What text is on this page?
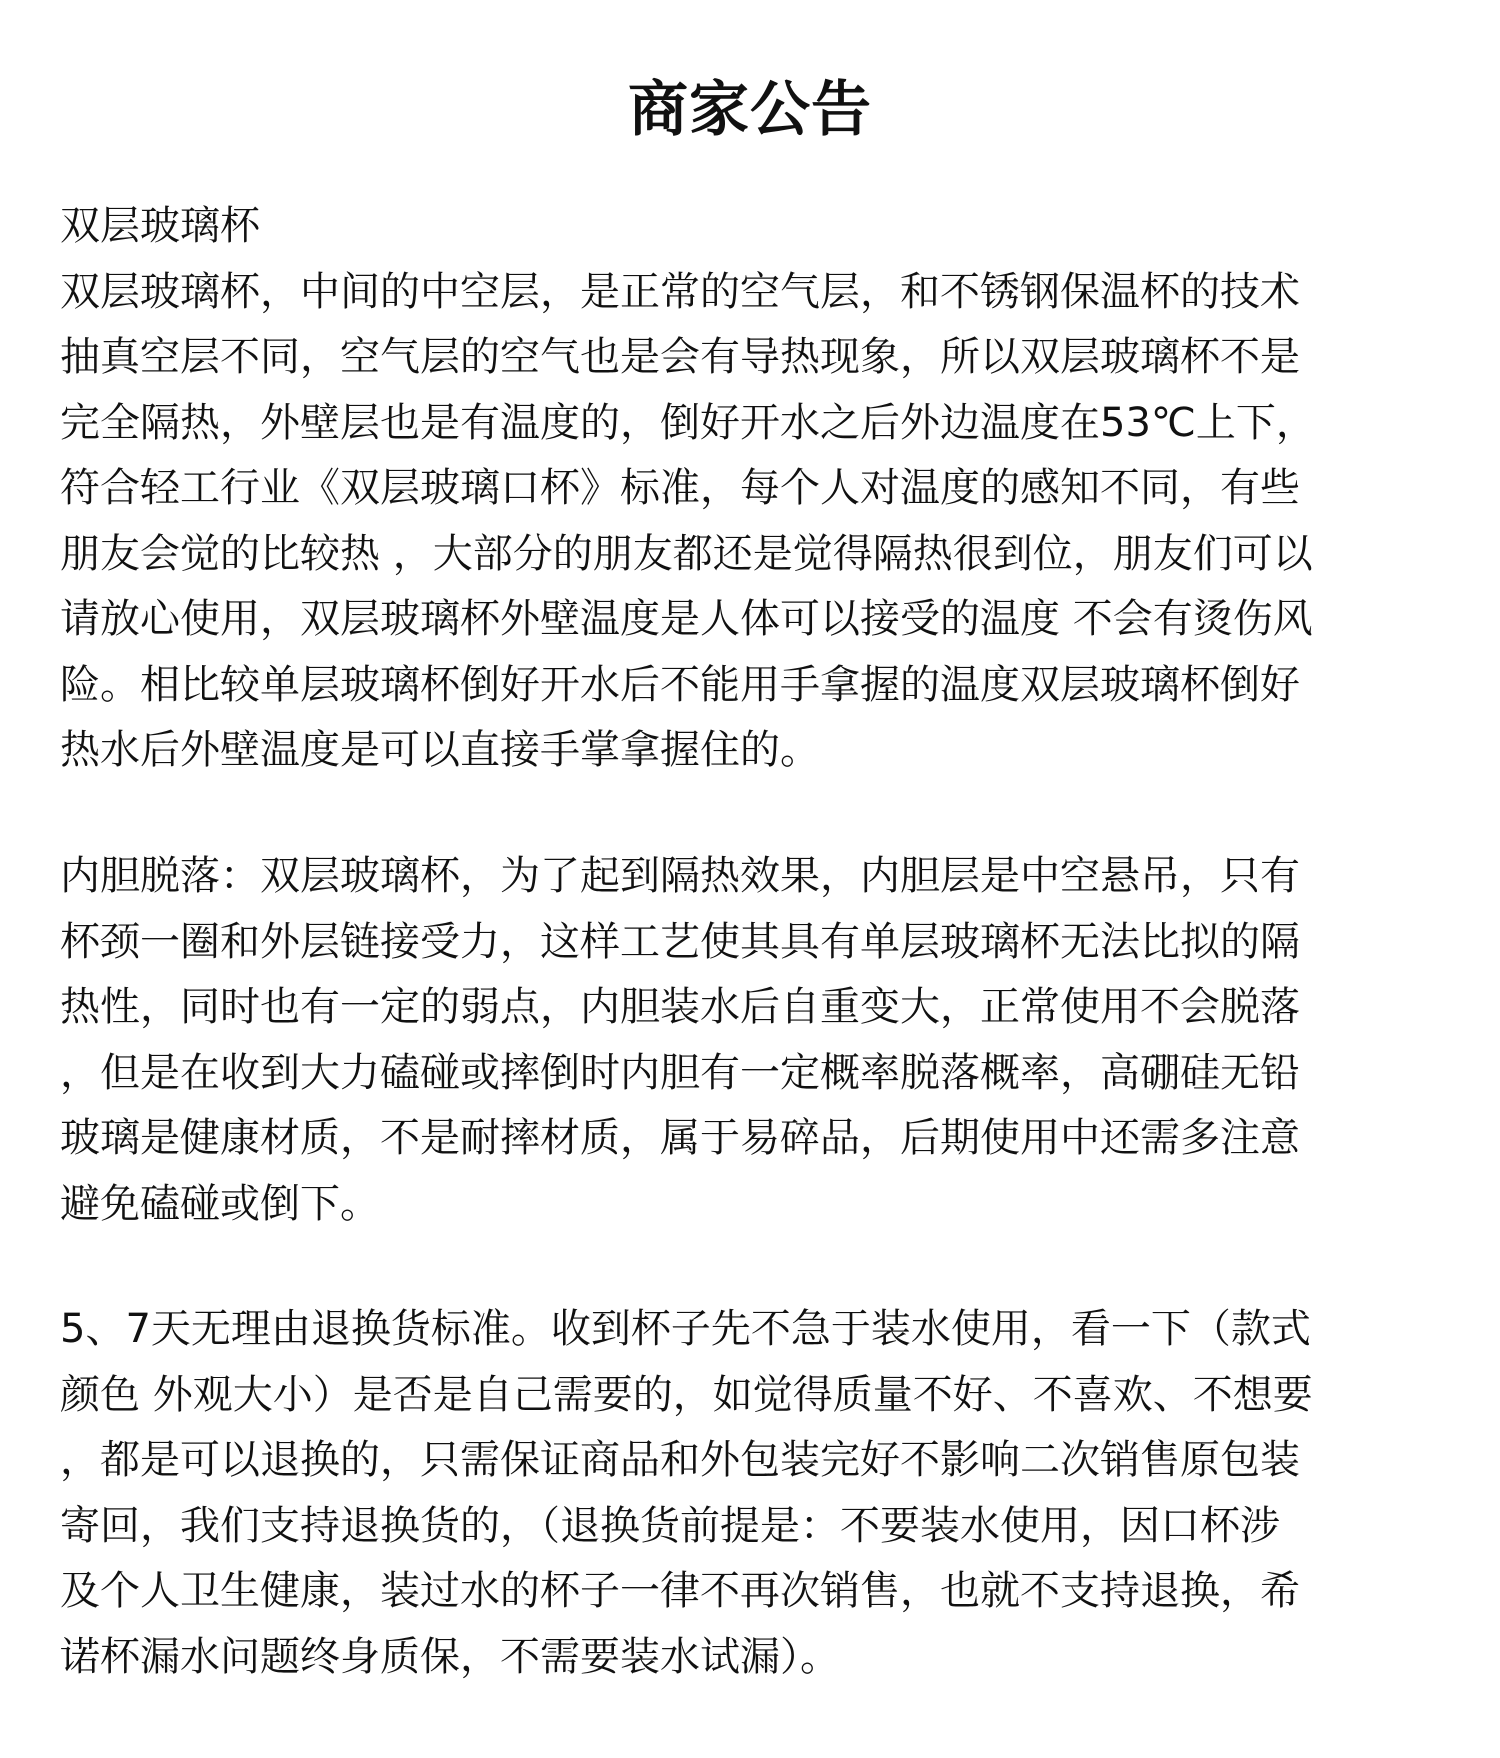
商家公告
双层玻璃杯
双层玻璃杯，中间的中空层，是正常的空气层，和不锈钢保温杯的技术
抽真空层不同，空气层的空气也是会有导热现象，所以双层玻璃杯不是
完全隔热，外壁层也是有温度的，倒好开水之后外边温度在53℃上下，
符合轻工行业《双层玻璃口杯》标准，每个人对温度的感知不同，有些
朋友会觉的比较热 ，大部分的朋友都还是觉得隔热很到位，朋友们可以
请放心使用，双层玻璃杯外壁温度是人体可以接受的温度 不会有烫伤风
险。相比较单层玻璃杯倒好开水后不能用手拿握的温度双层玻璃杯倒好
热水后外壁温度是可以直接手掌拿握住的。
内胆脱落：双层玻璃杯，为了起到隔热效果，内胆层是中空悬吊，只有
杯颈一圈和外层链接受力，这样工艺使其具有单层玻璃杯无法比拟的隔
热性，同时也有一定的弱点，内胆装水后自重变大，正常使用不会脱落
，但是在收到大力磕碰或摔倒时内胆有一定概率脱落概率，高硼硅无铅
玻璃是健康材质，不是耐摔材质，属于易碎品，后期使用中还需多注意
避免磕碰或倒下。
5、7天无理由退换货标准。收到杯子先不急于装水使用，看一下（款式
颜色 外观大小）是否是自己需要的，如觉得质量不好、不喜欢、不想要
，都是可以退换的，只需保证商品和外包装完好不影响二次销售原包装
寄回，我们支持退换货的，（退换货前提是：不要装水使用，因口杯涉
及个人卫生健康，装过水的杯子一律不再次销售，也就不支持退换，希
诺杯漏水问题终身质保，不需要装水试漏）。
